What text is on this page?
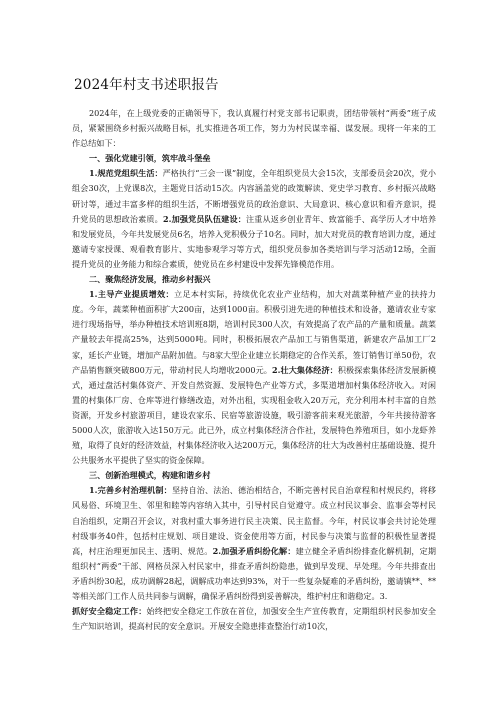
2024年村支书述职报告

2024年，在上级党委的正确领导下，我认真履行村党支部书记职责，团结带领村“两委”班子成员，紧紧围绕乡村振兴战略目标，扎实推进各项工作，努力为村民谋幸福、谋发展。现将一年来的工作总结如下：

一、强化党建引领，筑牢战斗堡垒

1.规范党组织生活：严格执行“三会一课”制度，全年组织党员大会15次，支部委员会20次，党小组会30次，上党课8次，主题党日活动15次。内容涵盖党的政策解读、党史学习教育、乡村振兴战略研讨等，通过丰富多样的组织生活，不断增强党员的政治意识、大局意识、核心意识和看齐意识，提升党员的思想政治素质。2.加强党员队伍建设：注重从返乡创业青年、致富能手、高学历人才中培养和发展党员，今年共发展党员6名，培养入党积极分子10名。同时，加大对党员的教育培训力度，通过邀请专家授课、观看教育影片、实地参观学习等方式，组织党员参加各类培训与学习活动12场，全面提升党员的业务能力和综合素质，使党员在乡村建设中发挥先锋模范作用。

二、聚焦经济发展，推动乡村振兴

1.主导产业提质增效：立足本村实际，持续优化农业产业结构，加大对蔬菜种植产业的扶持力度。今年，蔬菜种植面积扩大200亩，达到1000亩。积极引进先进的种植技术和设备，邀请农业专家进行现场指导，举办种植技术培训班8期，培训村民300人次，有效提高了农产品的产量和质量。蔬菜产量较去年提高25%，达到5000吨。同时，积极拓展农产品加工与销售渠道，新建农产品加工厂2家，延长产业链，增加产品附加值。与8家大型企业建立长期稳定的合作关系，签订销售订单50份，农产品销售额突破800万元，带动村民人均增收2000元。2.壮大集体经济：积极探索集体经济发展新模式，通过盘活村集体资产、开发自然资源、发展特色产业等方式，多渠道增加村集体经济收入。对闲置的村集体厂房、仓库等进行修缮改造，对外出租，实现租金收入20万元，充分利用本村丰富的自然资源，开发乡村旅游项目，建设农家乐、民宿等旅游设施，吸引游客前来观光旅游，今年共接待游客5000人次，旅游收入达150万元。此已外，成立村集体经济合作社，发展特色养殖项目，如小龙虾养殖，取得了良好的经济效益，村集体经济收入达200万元，集体经济的壮大为改善村庄基础设施、提升公共服务水平提供了坚实的资金保障。

三、创新治理模式，构建和谐乡村

1.完善乡村治理机制：坚持自治、法治、德治相结合，不断完善村民自治章程和村规民约，将移风易俗、环境卫生、邻里和睦等内容纳入其中，引导村民自觉遵守。成立村民议事会、监事会等村民自治组织，定期召开会议，对我村重大事务进行民主决策、民主监督。今年，村民议事会共讨论处理村级事务40件，包括村庄规划、项目建设、资金使用等方面，村民参与决策与监督的积极性显著提高，村庄治理更加民主、透明、规范。2.加强矛盾纠纷化解：建立健全矛盾纠纷排查化解机制，定期组织村“两委”干部、网格员深入村民家中，排查矛盾纠纷隐患，做到早发现、早处理。今年共排查出矛盾纠纷30起，成功调解28起，调解成功率达到93%，对于一些复杂疑难的矛盾纠纷，邀请镇**、**等相关部门工作人员共同参与调解，确保矛盾纠纷得到妥善解决，维护村庄和谐稳定。3.

抓好安全稳定工作：始终把安全稳定工作放在首位，加强安全生产宣传教育，定期组织村民参加安全生产知识培训，提高村民的安全意识。开展安全隐患排查整治行动10次，
